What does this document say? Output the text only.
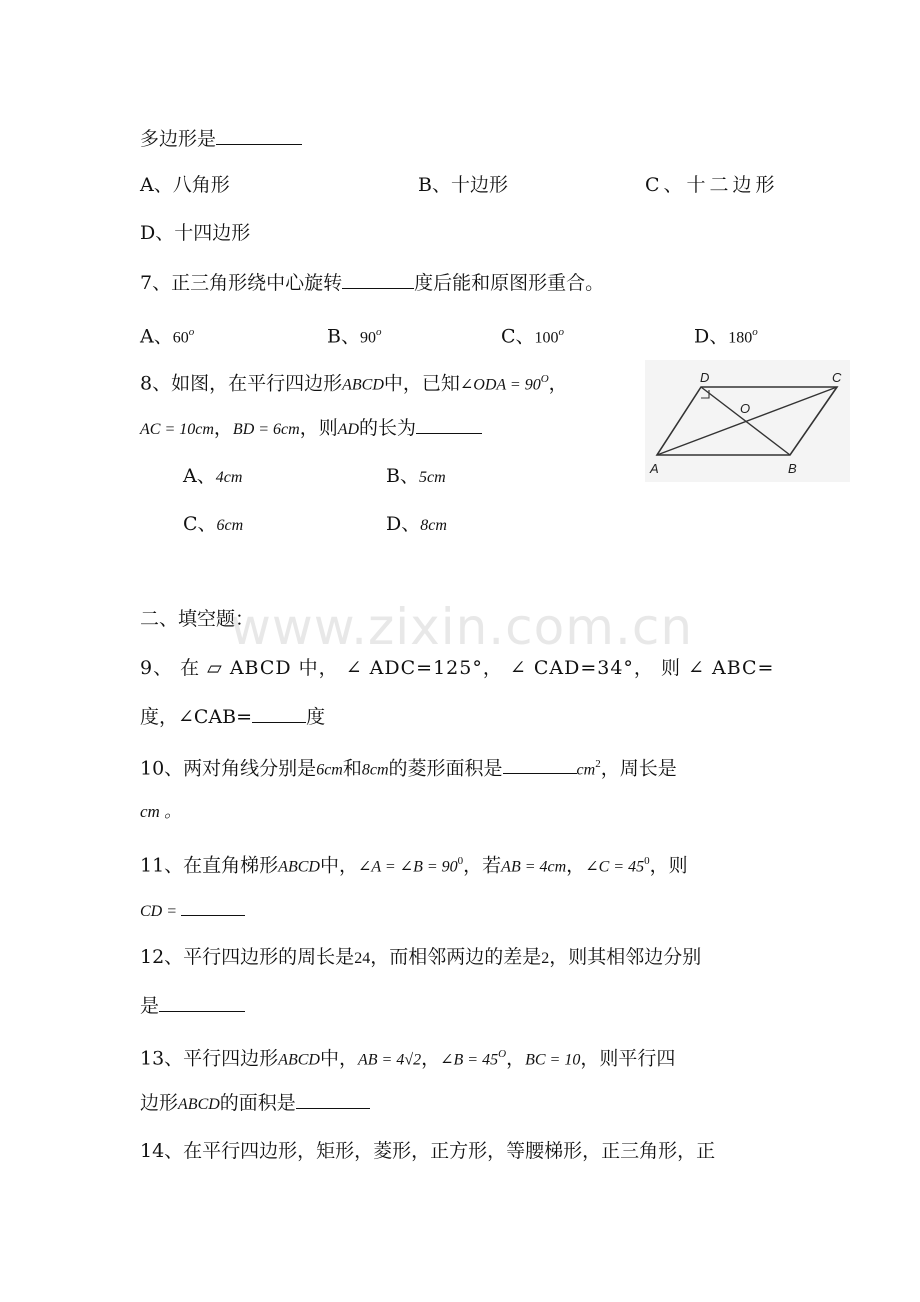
www.zixin.com.cn
多边形是
A、八角形	B、十边形	C、十二边形
D、十四边形
7、正三角形绕中心旋转	度后能和原图形重合。
A、60$^o$	B、90$^o$	C、100$^o$	D、180$^o$
8、如图，在平行四边形ABCD中，已知∠ODA = $90^O$，
AC = 10cm，BD = 6cm，则AD的长为
A、4cm	B、5cm
C、6cm	D、8cm
D	C
A	B
O
二、填空题：
9、 在 ▱ ABCD 中， ∠ ADC=125°， ∠ CAD=34°， 则 ∠ ABC=
度，∠CAB=	度
10、两对角线分别是6cm和8cm的菱形面积是	$cm^2$，周长是
cm 。
11、在直角梯形ABCD中，∠A = ∠B = $90^0$，若AB = 4cm，∠C = $45^0$，则
CD =
12、平行四边形的周长是24，而相邻两边的差是2，则其相邻边分别
是
13、平行四边形ABCD中，AB = 4√2，∠B = $45^O$，BC = 10，则平行四
边形ABCD的面积是
14、在平行四边形，矩形，菱形，正方形，等腰梯形，正三角形，正
